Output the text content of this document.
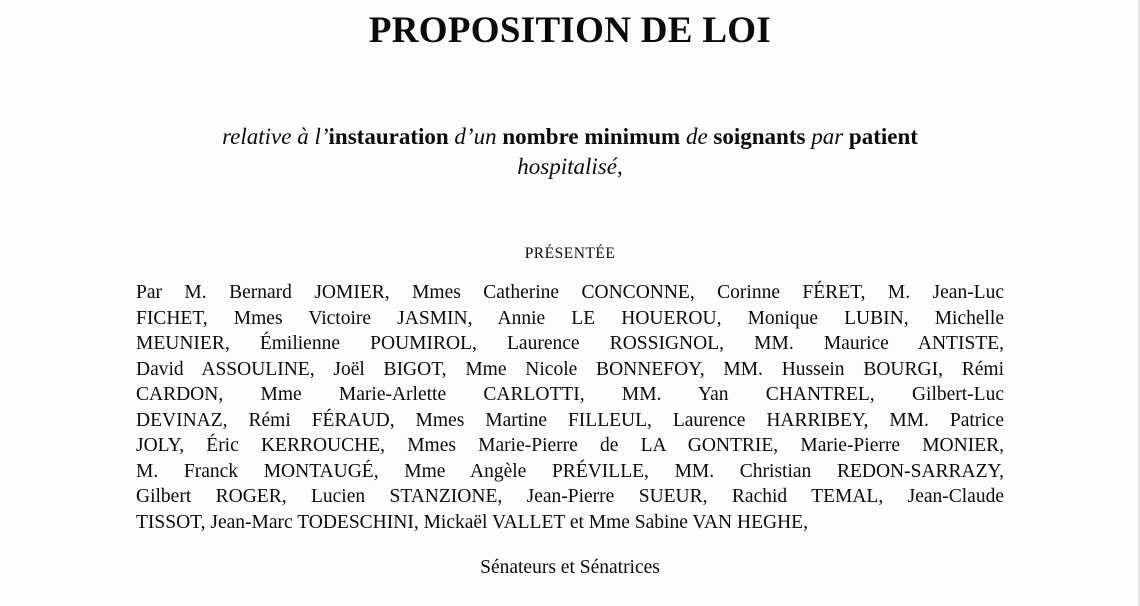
PROPOSITION DE LOI
relative à l’instauration d’un nombre minimum de soignants par patient
hospitalisé,
PRÉSENTÉE
Par M. Bernard JOMIER, Mmes Catherine CONCONNE, Corinne FÉRET, M. Jean-Luc
FICHET, Mmes Victoire JASMIN, Annie LE HOUEROU, Monique LUBIN, Michelle
MEUNIER, Émilienne POUMIROL, Laurence ROSSIGNOL, MM. Maurice ANTISTE,
David ASSOULINE, Joël BIGOT, Mme Nicole BONNEFOY, MM. Hussein BOURGI, Rémi
CARDON, Mme Marie-Arlette CARLOTTI, MM. Yan CHANTREL, Gilbert-Luc
DEVINAZ, Rémi FÉRAUD, Mmes Martine FILLEUL, Laurence HARRIBEY, MM. Patrice
JOLY, Éric KERROUCHE, Mmes Marie-Pierre de LA GONTRIE, Marie-Pierre MONIER,
M. Franck MONTAUGÉ, Mme Angèle PRÉVILLE, MM. Christian REDON-SARRAZY,
Gilbert ROGER, Lucien STANZIONE, Jean-Pierre SUEUR, Rachid TEMAL, Jean-Claude
TISSOT, Jean-Marc TODESCHINI, Mickaël VALLET et Mme Sabine VAN HEGHE,
Sénateurs et Sénatrices
